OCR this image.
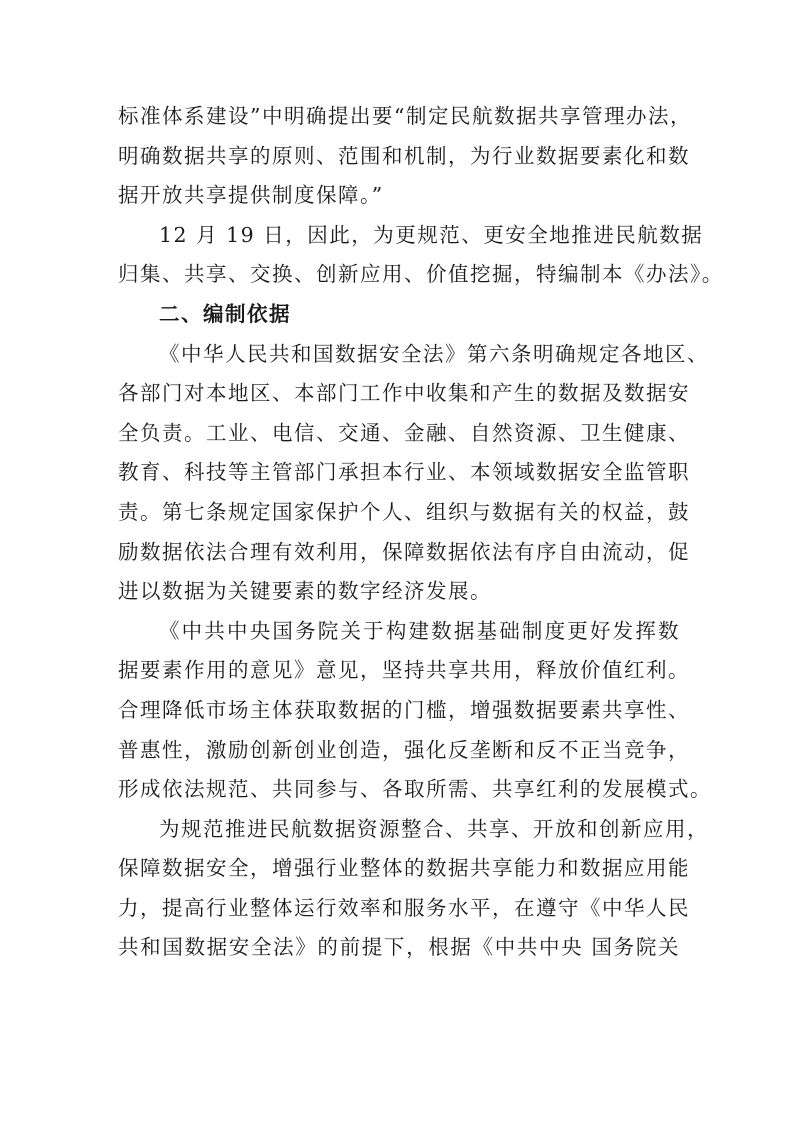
标准体系建设”中明确提出要“制定民航数据共享管理办法，

明确数据共享的原则、范围和机制，为行业数据要素化和数

据开放共享提供制度保障。”

12 月 19 日，因此，为更规范、更安全地推进民航数据

归集、共享、交换、创新应用、价值挖掘，特编制本《办法》。

二、编制依据

《中华人民共和国数据安全法》第六条明确规定各地区、

各部门对本地区、本部门工作中收集和产生的数据及数据安

全负责。工业、电信、交通、金融、自然资源、卫生健康、

教育、科技等主管部门承担本行业、本领域数据安全监管职

责。第七条规定国家保护个人、组织与数据有关的权益，鼓

励数据依法合理有效利用，保障数据依法有序自由流动，促

进以数据为关键要素的数字经济发展。

《中共中央国务院关于构建数据基础制度更好发挥数

据要素作用的意见》意见，坚持共享共用，释放价值红利。

合理降低市场主体获取数据的门槛，增强数据要素共享性、

普惠性，激励创新创业创造，强化反垄断和反不正当竞争，

形成依法规范、共同参与、各取所需、共享红利的发展模式。

为规范推进民航数据资源整合、共享、开放和创新应用，

保障数据安全，增强行业整体的数据共享能力和数据应用能

力，提高行业整体运行效率和服务水平，在遵守《中华人民

共和国数据安全法》的前提下，根据《中共中央 国务院关
